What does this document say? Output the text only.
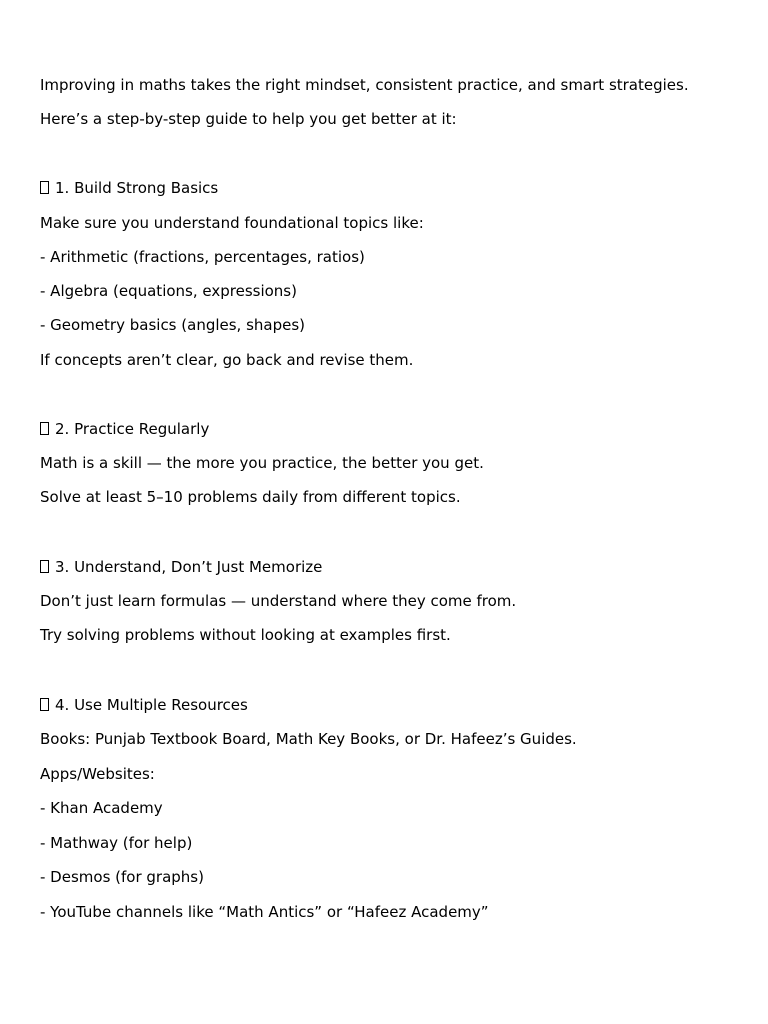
Improving in maths takes the right mindset, consistent practice, and smart strategies.
Here’s a step-by-step guide to help you get better at it:
1. Build Strong Basics
Make sure you understand foundational topics like:
- Arithmetic (fractions, percentages, ratios)
- Algebra (equations, expressions)
- Geometry basics (angles, shapes)
If concepts aren’t clear, go back and revise them.
2. Practice Regularly
Math is a skill — the more you practice, the better you get.
Solve at least 5–10 problems daily from different topics.
3. Understand, Don’t Just Memorize
Don’t just learn formulas — understand where they come from.
Try solving problems without looking at examples first.
4. Use Multiple Resources
Books: Punjab Textbook Board, Math Key Books, or Dr. Hafeez’s Guides.
Apps/Websites:
- Khan Academy
- Mathway (for help)
- Desmos (for graphs)
- YouTube channels like “Math Antics” or “Hafeez Academy”
